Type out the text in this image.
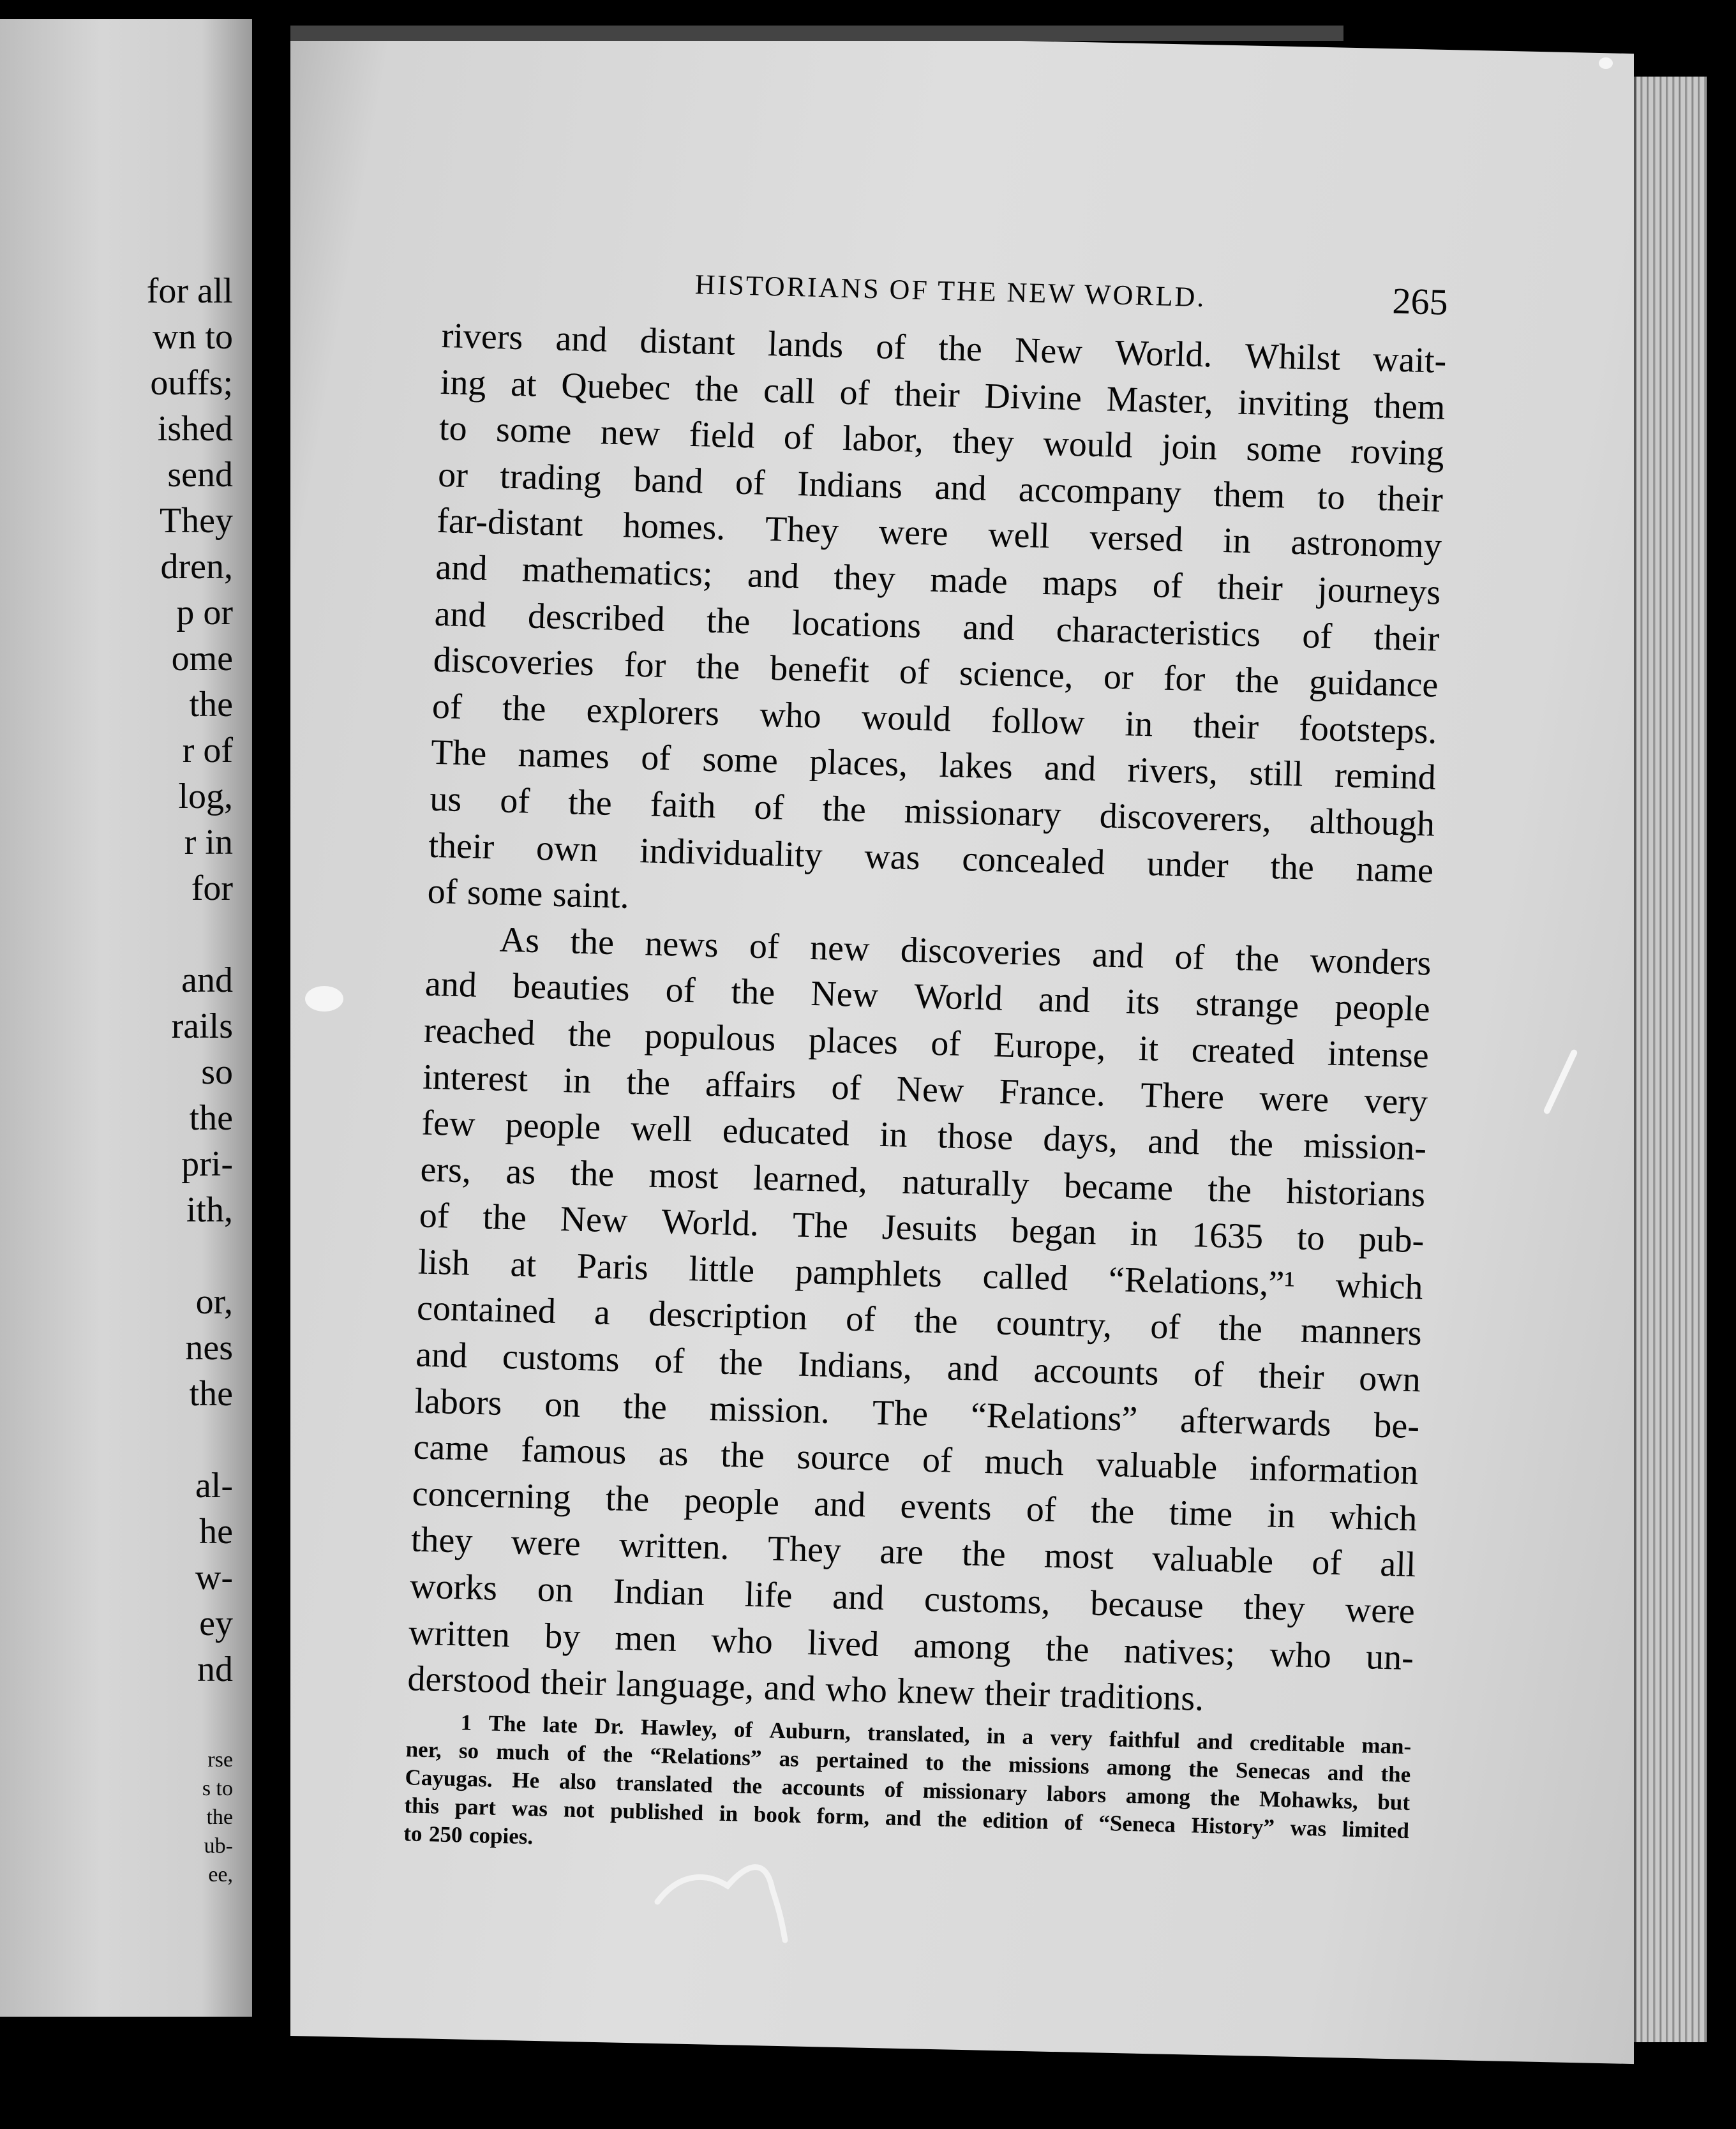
for all
wn to
ouffs;
ished
send
They
dren,
p or
ome
the
r of
log,
r in
for
and
rails
so
the
pri-
ith,
or,
nes
the
al-
he
w-
ey
nd
rse
s to
the
ub-
ee,
HISTORIANS OF THE NEW WORLD.	265
rivers and distant lands of the New World. Whilst wait-
ing at Quebec the call of their Divine Master, inviting them
to some new field of labor, they would join some roving
or trading band of Indians and accompany them to their
far-distant homes. They were well versed in astronomy
and mathematics; and they made maps of their journeys
and described the locations and characteristics of their
discoveries for the benefit of science, or for the guidance
of the explorers who would follow in their footsteps.
The names of some places, lakes and rivers, still remind
us of the faith of the missionary discoverers, although
their own individuality was concealed under the name
of some saint.
As the news of new discoveries and of the wonders
and beauties of the New World and its strange people
reached the populous places of Europe, it created intense
interest in the affairs of New France. There were very
few people well educated in those days, and the mission-
ers, as the most learned, naturally became the historians
of the New World. The Jesuits began in 1635 to pub-
lish at Paris little pamphlets called “Relations,”¹ which
contained a description of the country, of the manners
and customs of the Indians, and accounts of their own
labors on the mission. The “Relations” afterwards be-
came famous as the source of much valuable information
concerning the people and events of the time in which
they were written. They are the most valuable of all
works on Indian life and customs, because they were
written by men who lived among the natives; who un-
derstood their language, and who knew their traditions.
1 The late Dr. Hawley, of Auburn, translated, in a very faithful and creditable man-
ner, so much of the “Relations” as pertained to the missions among the Senecas and the
Cayugas. He also translated the accounts of missionary labors among the Mohawks, but
this part was not published in book form, and the edition of “Seneca History” was limited
to 250 copies.
